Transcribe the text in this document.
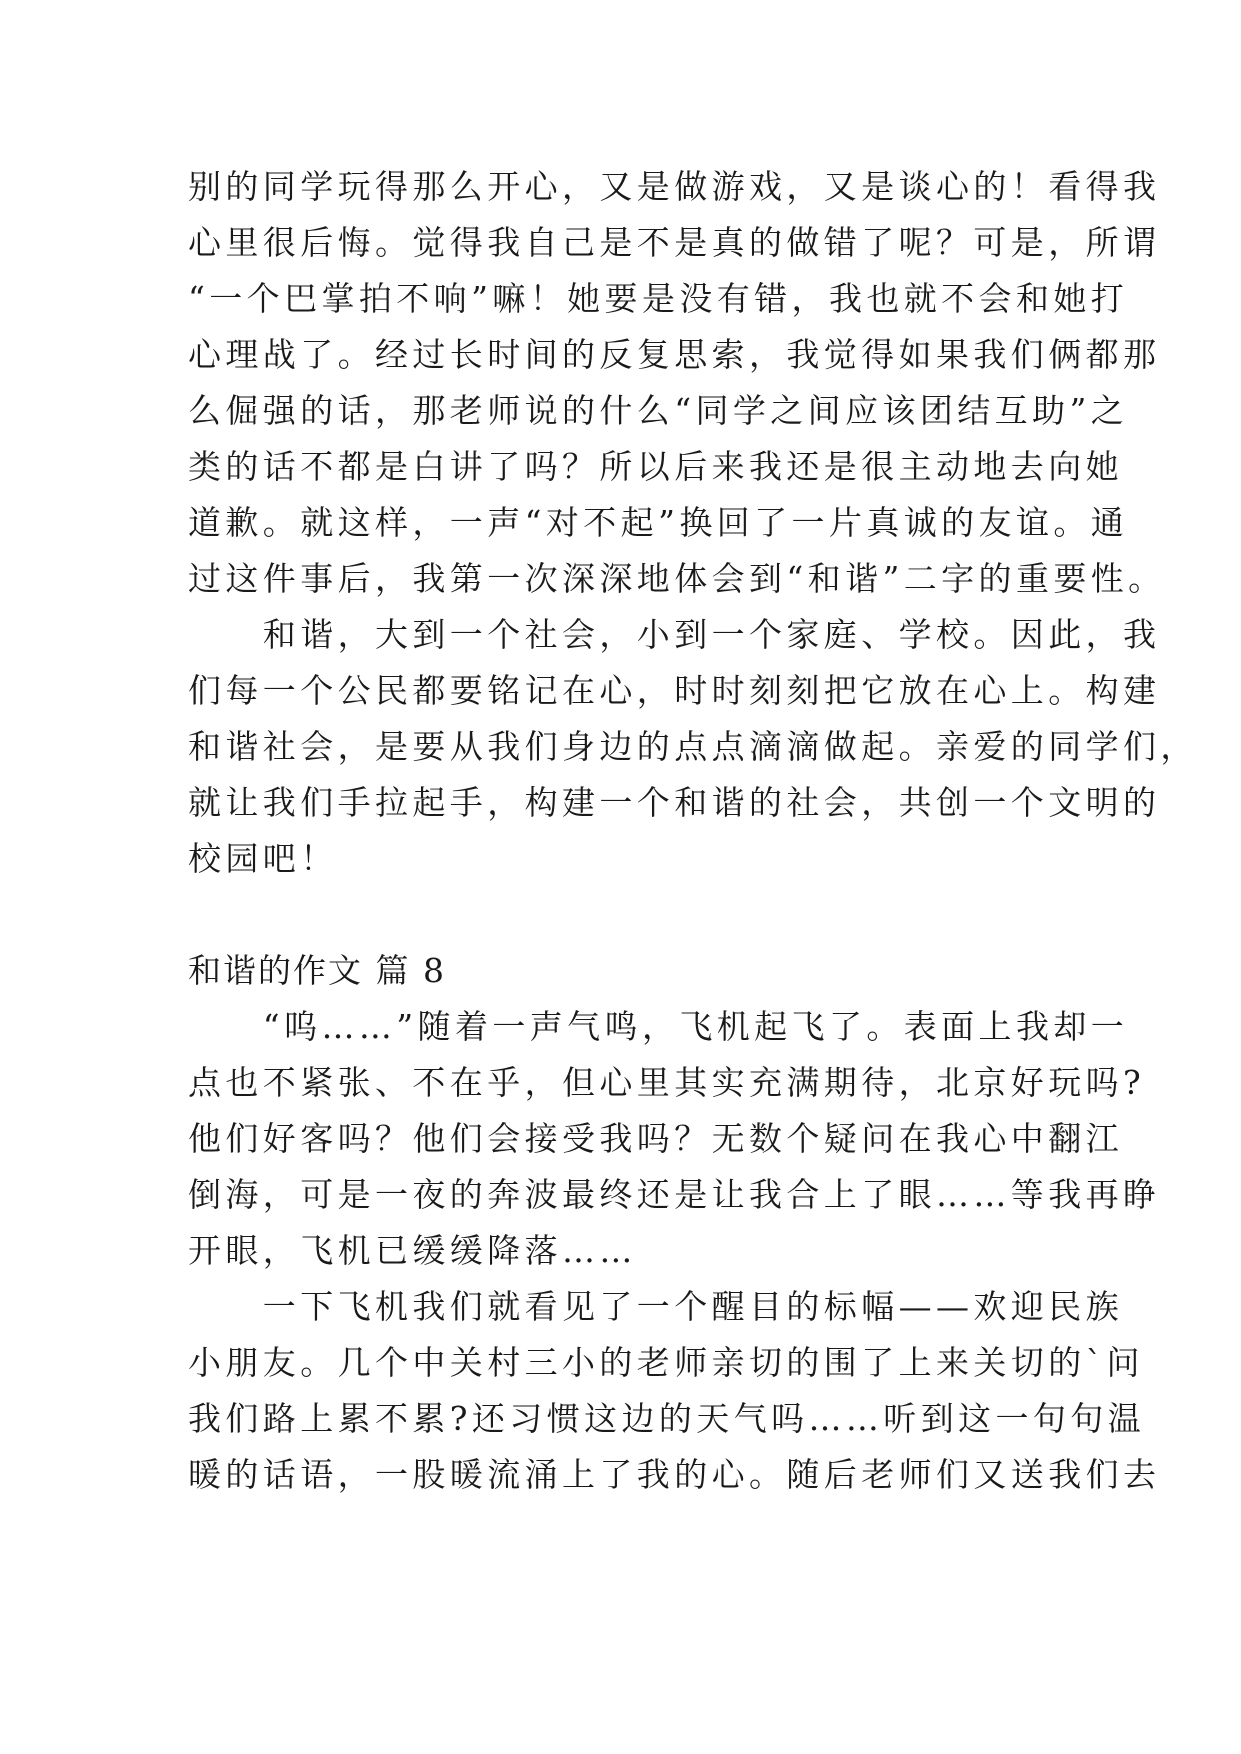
别的同学玩得那么开心，又是做游戏，又是谈心的！看得我
心里很后悔。觉得我自己是不是真的做错了呢？可是，所谓
“一个巴掌拍不响”嘛！她要是没有错，我也就不会和她打
心理战了。经过长时间的反复思索，我觉得如果我们俩都那
么倔强的话，那老师说的什么“同学之间应该团结互助”之
类的话不都是白讲了吗？所以后来我还是很主动地去向她
道歉。就这样，一声“对不起”换回了一片真诚的友谊。通
过这件事后，我第一次深深地体会到“和谐”二字的重要性。
　　和谐，大到一个社会，小到一个家庭、学校。因此，我
们每一个公民都要铭记在心，时时刻刻把它放在心上。构建
和谐社会，是要从我们身边的点点滴滴做起。亲爱的同学们，
就让我们手拉起手，构建一个和谐的社会，共创一个文明的
校园吧！
和谐的作文 篇 8
　　“呜……”随着一声气鸣，飞机起飞了。表面上我却一
点也不紧张、不在乎，但心里其实充满期待，北京好玩吗?
他们好客吗？他们会接受我吗？无数个疑问在我心中翻江
倒海，可是一夜的奔波最终还是让我合上了眼……等我再睁
开眼，飞机已缓缓降落……
　　一下飞机我们就看见了一个醒目的标幅——欢迎民族
小朋友。几个中关村三小的老师亲切的围了上来关切的`问
我们路上累不累?还习惯这边的天气吗……听到这一句句温
暖的话语，一股暖流涌上了我的心。随后老师们又送我们去
